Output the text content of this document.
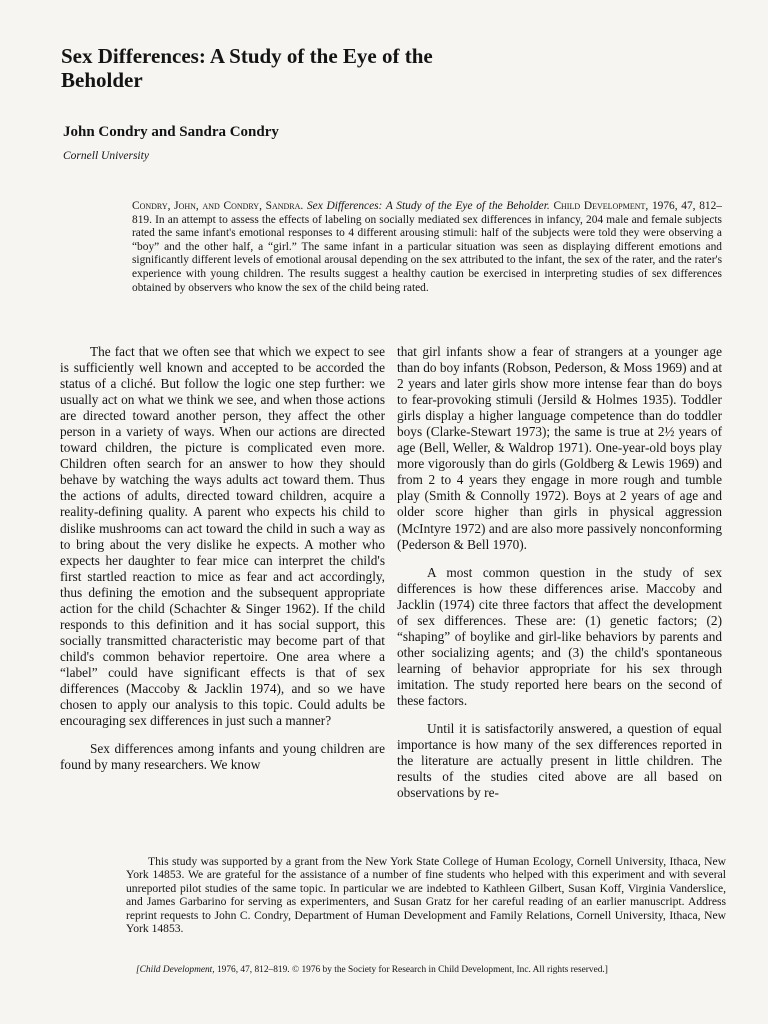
Sex Differences: A Study of the Eye of the Beholder

John Condry and Sandra Condry

Cornell University

Condry, John, and Condry, Sandra. Sex Differences: A Study of the Eye of the Beholder. Child Development, 1976, 47, 812–819. In an attempt to assess the effects of labeling on socially mediated sex differences in infancy, 204 male and female subjects rated the same infant's emotional responses to 4 different arousing stimuli: half of the subjects were told they were observing a “boy” and the other half, a “girl.” The same infant in a particular situation was seen as displaying different emotions and significantly different levels of emotional arousal depending on the sex attributed to the infant, the sex of the rater, and the rater's experience with young children. The results suggest a healthy caution be exercised in interpreting studies of sex differences obtained by observers who know the sex of the child being rated.

The fact that we often see that which we expect to see is sufficiently well known and accepted to be accorded the status of a cliché. But follow the logic one step further: we usually act on what we think we see, and when those actions are directed toward another person, they affect the other person in a variety of ways. When our actions are directed toward children, the picture is complicated even more. Children often search for an answer to how they should behave by watching the ways adults act toward them. Thus the actions of adults, directed toward children, acquire a reality-defining quality. A parent who expects his child to dislike mushrooms can act toward the child in such a way as to bring about the very dislike he expects. A mother who expects her daughter to fear mice can interpret the child's first startled reaction to mice as fear and act accordingly, thus defining the emotion and the subsequent appropriate action for the child (Schachter & Singer 1962). If the child responds to this definition and it has social support, this socially transmitted characteristic may become part of that child's common behavior repertoire. One area where a “label” could have significant effects is that of sex differences (Maccoby & Jacklin 1974), and so we have chosen to apply our analysis to this topic. Could adults be encouraging sex differences in just such a manner?

Sex differences among infants and young children are found by many researchers. We know

that girl infants show a fear of strangers at a younger age than do boy infants (Robson, Pederson, & Moss 1969) and at 2 years and later girls show more intense fear than do boys to fear-provoking stimuli (Jersild & Holmes 1935). Toddler girls display a higher language competence than do toddler boys (Clarke-Stewart 1973); the same is true at 2½ years of age (Bell, Weller, & Waldrop 1971). One-year-old boys play more vigorously than do girls (Goldberg & Lewis 1969) and from 2 to 4 years they engage in more rough and tumble play (Smith & Connolly 1972). Boys at 2 years of age and older score higher than girls in physical aggression (McIntyre 1972) and are also more passively nonconforming (Pederson & Bell 1970).

A most common question in the study of sex differences is how these differences arise. Maccoby and Jacklin (1974) cite three factors that affect the development of sex differences. These are: (1) genetic factors; (2) “shaping” of boylike and girl-like behaviors by parents and other socializing agents; and (3) the child's spontaneous learning of behavior appropriate for his sex through imitation. The study reported here bears on the second of these factors.

Until it is satisfactorily answered, a question of equal importance is how many of the sex differences reported in the literature are actually present in little children. The results of the studies cited above are all based on observations by re-

This study was supported by a grant from the New York State College of Human Ecology, Cornell University, Ithaca, New York 14853. We are grateful for the assistance of a number of fine students who helped with this experiment and with several unreported pilot studies of the same topic. In particular we are indebted to Kathleen Gilbert, Susan Koff, Virginia Vanderslice, and James Garbarino for serving as experimenters, and Susan Gratz for her careful reading of an earlier manuscript. Address reprint requests to John C. Condry, Department of Human Development and Family Relations, Cornell University, Ithaca, New York 14853.

[Child Development, 1976, 47, 812–819. © 1976 by the Society for Research in Child Development, Inc. All rights reserved.]
